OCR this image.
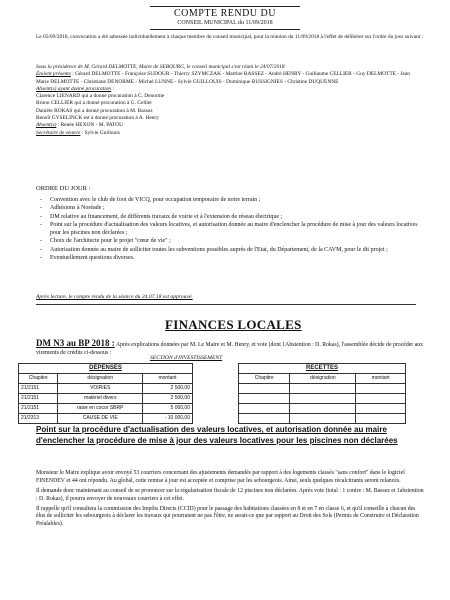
COMPTE RENDU DU
CONSEIL MUNICIPAL du 11/09/2018
Le 05/09/2018, convocation a été adressée individuellement à chaque membre du conseil municipal, pour la réunion du 11/09/2018 à l'effet de délibérer sur l'ordre du jour suivant :

Sous la présidence de M. Gérard DELMOTTE, Maire de SEBOURG, le conseil municipal s'est réuni le 24/07/2018

Étaient présents : Gérard DELMOTTE - Françoise SUDOUR - Thierry SZYMCZAK - Martine BASSEZ - André HENRY - Guillaume CELLIER - Guy DELMOTTE - Jean Marie DELMOTTE - Christiane DENORME - Michel LUNNE - Sylvie GUILLOUIS - Dominique BUSSIGNIES - Christine DUQUENNE

Absent(s) ayant donné procuration :

Clarence LIENARD qui a donné procuration à C. Denorme

Bruno CELLIER qui a donné procuration à G. Cellier

Danièle ROKAS qui a donné procuration à M. Bassez

Benoît GYSELINCK est à donné procuration à A. Henry

Absent(s) : Renée HEXON - M. PATOU

Secrétaire de séance : Sylvie Guillouis

ORDRE DU JOUR :
- Convention avec le club de foot de VICQ, pour occupation temporaire de notre terrain ;
- Adhésions à Noréade ;
- DM relative au financement, de différents travaux de voirie et à l'extension de réseau électrique ;
- Point sur la procédure d'actualisation des valeurs locatives, et autorisation donnée au maire d'enclencher la procédure de mise à jour des valeurs locatives pour les piscines non déclarées ;
- Choix de l'architecte pour le projet "cœur de vie" ;
- Autorisation donnée au maire de solliciter toutes les subventions possibles auprès de l'Etat, du Département, de la CAVM, pour le dit projet ;
- Eventuellement questions diverses.
Après lecture, le compte rendu de la séance du 24.07.18 est approuvé.
FINANCES LOCALES
DM N3 au BP 2018 : Après explications données par M. Le Maire et M. Henry, et vote (dont 1Abstention : D. Rokas), l'assemblée décide de procéder aux virements de crédits ci-dessous :
SECTION d'INVESTISSEMENT
DÉPENSES		
Chapitre	désignation	montant
21/2151	VOIRIES	2 500,00
21/2151	matériel divers	2 500,00
21/2151	raise en cocor SBRP	5 000,00
21/2313	CAUSE DE VIE	- 10 000,00
RECETTES		
Chapitre	désignation	montant

Point sur la procédure d'actualisation des valeurs locatives, et autorisation donnée au maire d'enclencher la procédure de mise à jour des valeurs locatives pour les piscines non déclarées

Monsieur le Maire explique avoir envoyé 53 courriers concernant des ajustements demandés par rapport à des logements classés "sans confort" dans le logiciel FINENDEV et 44 ont répondu. Au global, cette remise à jour est acceptée et comprise par les sebourgeois. Ainsi, seuls quelques récalcitrants seront relancés.

Il demande donc maintenant au conseil de se prononcer sur la régularisation fiscale de 12 piscines non déclarées. Après vote (total : 1 contre : M. Bassez et 1abstention : D. Rokas), il pourra envoyer de nouveaux courriers à cet effet.

Il rappelle qu'il consultera la commission des Impôts Directs (CCID) pour le passage des habitations classées en 8 et en 7 en classe 6, et qu'il conseille à chacun des élus de solliciter les sebourgeois à déclarer les travaux qui pourraient ne pas l'être, ne serait-ce que par rapport au Droit des Sols (Permis de Construire et Déclaration Préalables).
